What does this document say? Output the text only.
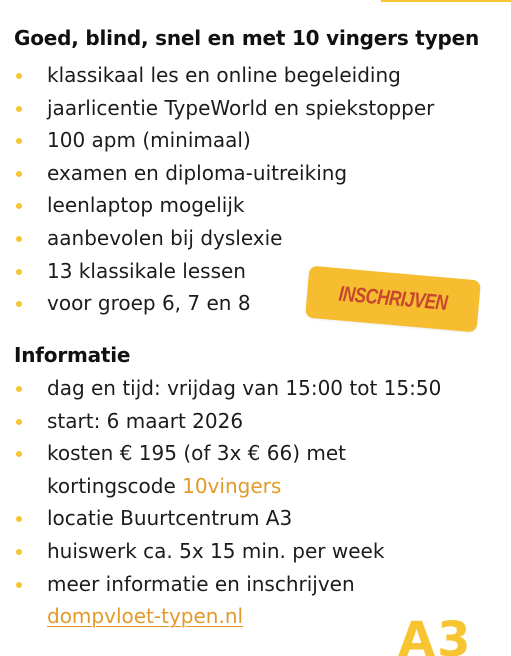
Goed, blind, snel en met 10 vingers typen
klassikaal les en online begeleiding
jaarlicentie TypeWorld en spiekstopper
100 apm (minimaal)
examen en diploma-uitreiking
leenlaptop mogelijk
aanbevolen bij dyslexie
13 klassikale lessen
voor groep 6, 7 en 8	INSCHRIJVEN
Informatie
dag en tijd: vrijdag van 15:00 tot 15:50
start: 6 maart 2026
kosten € 195 (of 3x € 66) met
kortingscode 10vingers
locatie Buurtcentrum A3
huiswerk ca. 5x 15 min. per week
meer informatie en inschrijven
dompvloet-typen.nl	A3
